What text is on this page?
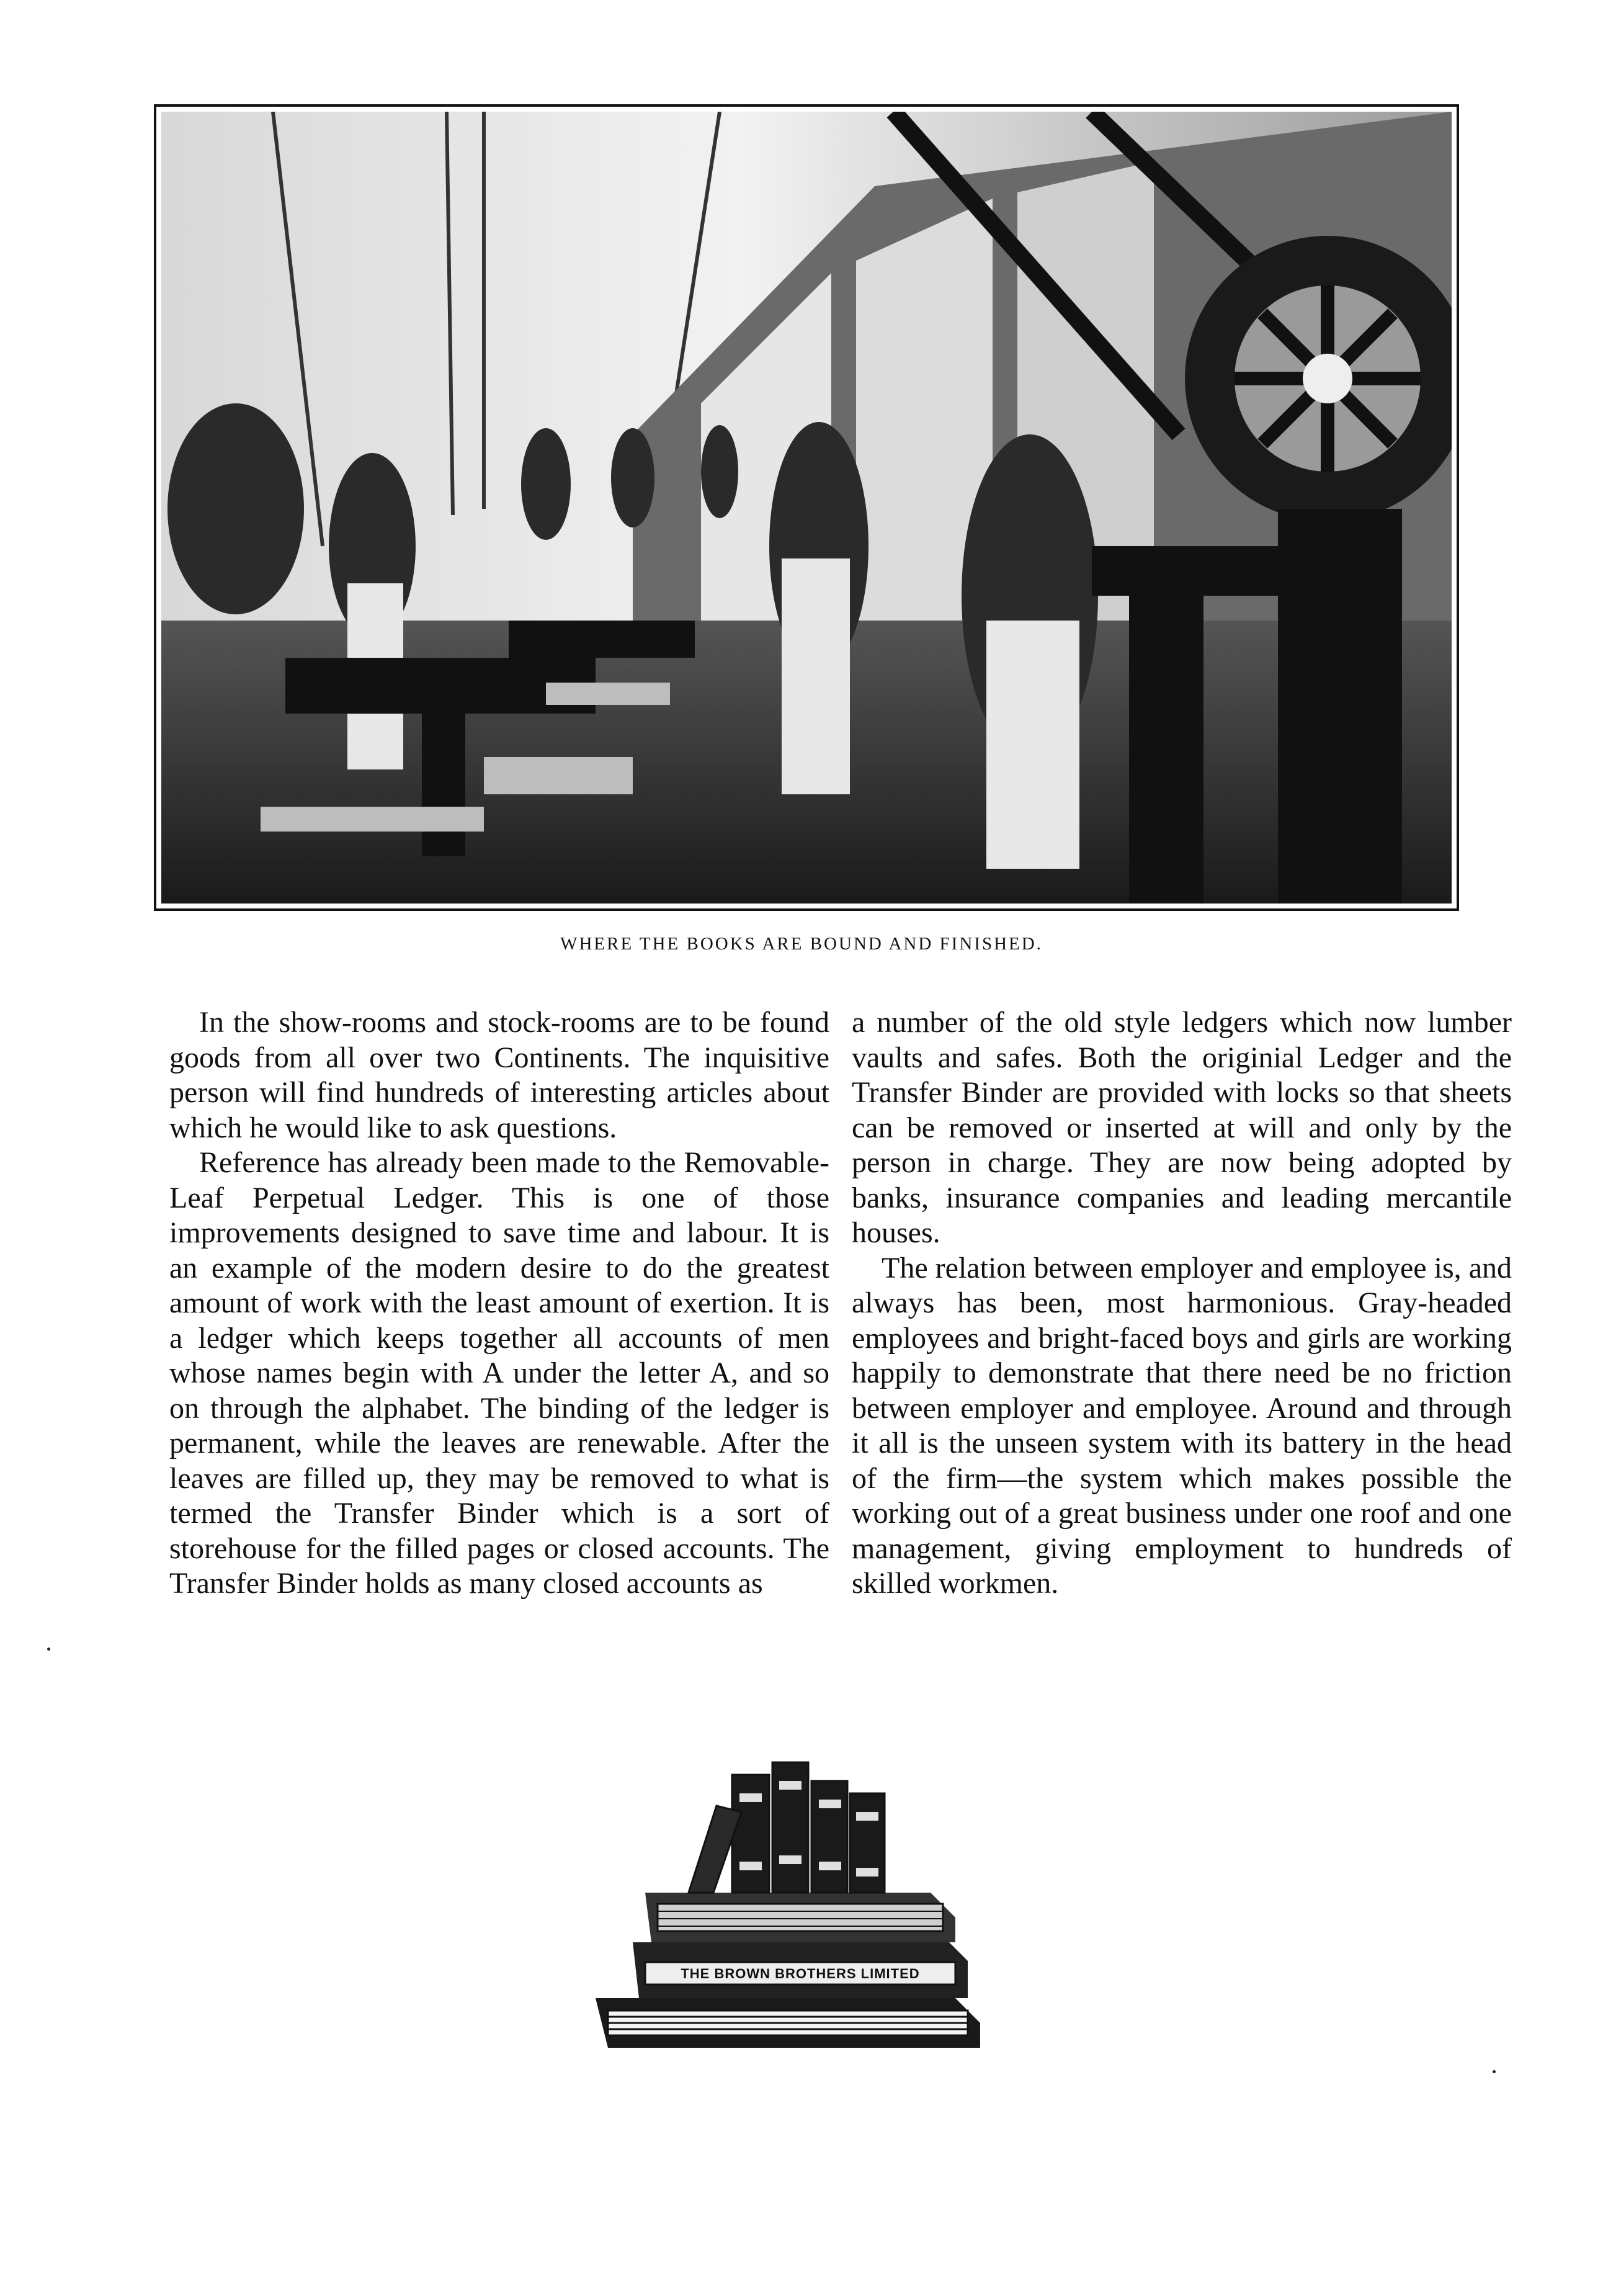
WHERE THE BOOKS ARE BOUND AND FINISHED.

In the show-rooms and stock-rooms are to be found goods from all over two Continents. The inquisitive person will find hundreds of interesting articles about which he would like to ask questions.

Reference has already been made to the Removable-Leaf Perpetual Ledger. This is one of those improvements designed to save time and labour. It is an example of the modern desire to do the greatest amount of work with the least amount of exertion. It is a ledger which keeps together all accounts of men whose names begin with A under the letter A, and so on through the alphabet. The binding of the ledger is permanent, while the leaves are renewable. After the leaves are filled up, they may be removed to what is termed the Transfer Binder which is a sort of storehouse for the filled pages or closed accounts. The Transfer Binder holds as many closed accounts as

a number of the old style ledgers which now lumber vaults and safes. Both the originial Ledger and the Transfer Binder are provided with locks so that sheets can be removed or inserted at will and only by the person in charge. They are now being adopted by banks, insurance companies and leading mercantile houses.

The relation between employer and employee is, and always has been, most harmonious. Gray-headed employees and bright-faced boys and girls are working happily to demonstrate that there need be no friction between employer and employee. Around and through it all is the unseen system with its battery in the head of the firm—the system which makes possible the working out of a great business under one roof and one management, giving employment to hundreds of skilled workmen.

THE BROWN BROTHERS LIMITED
